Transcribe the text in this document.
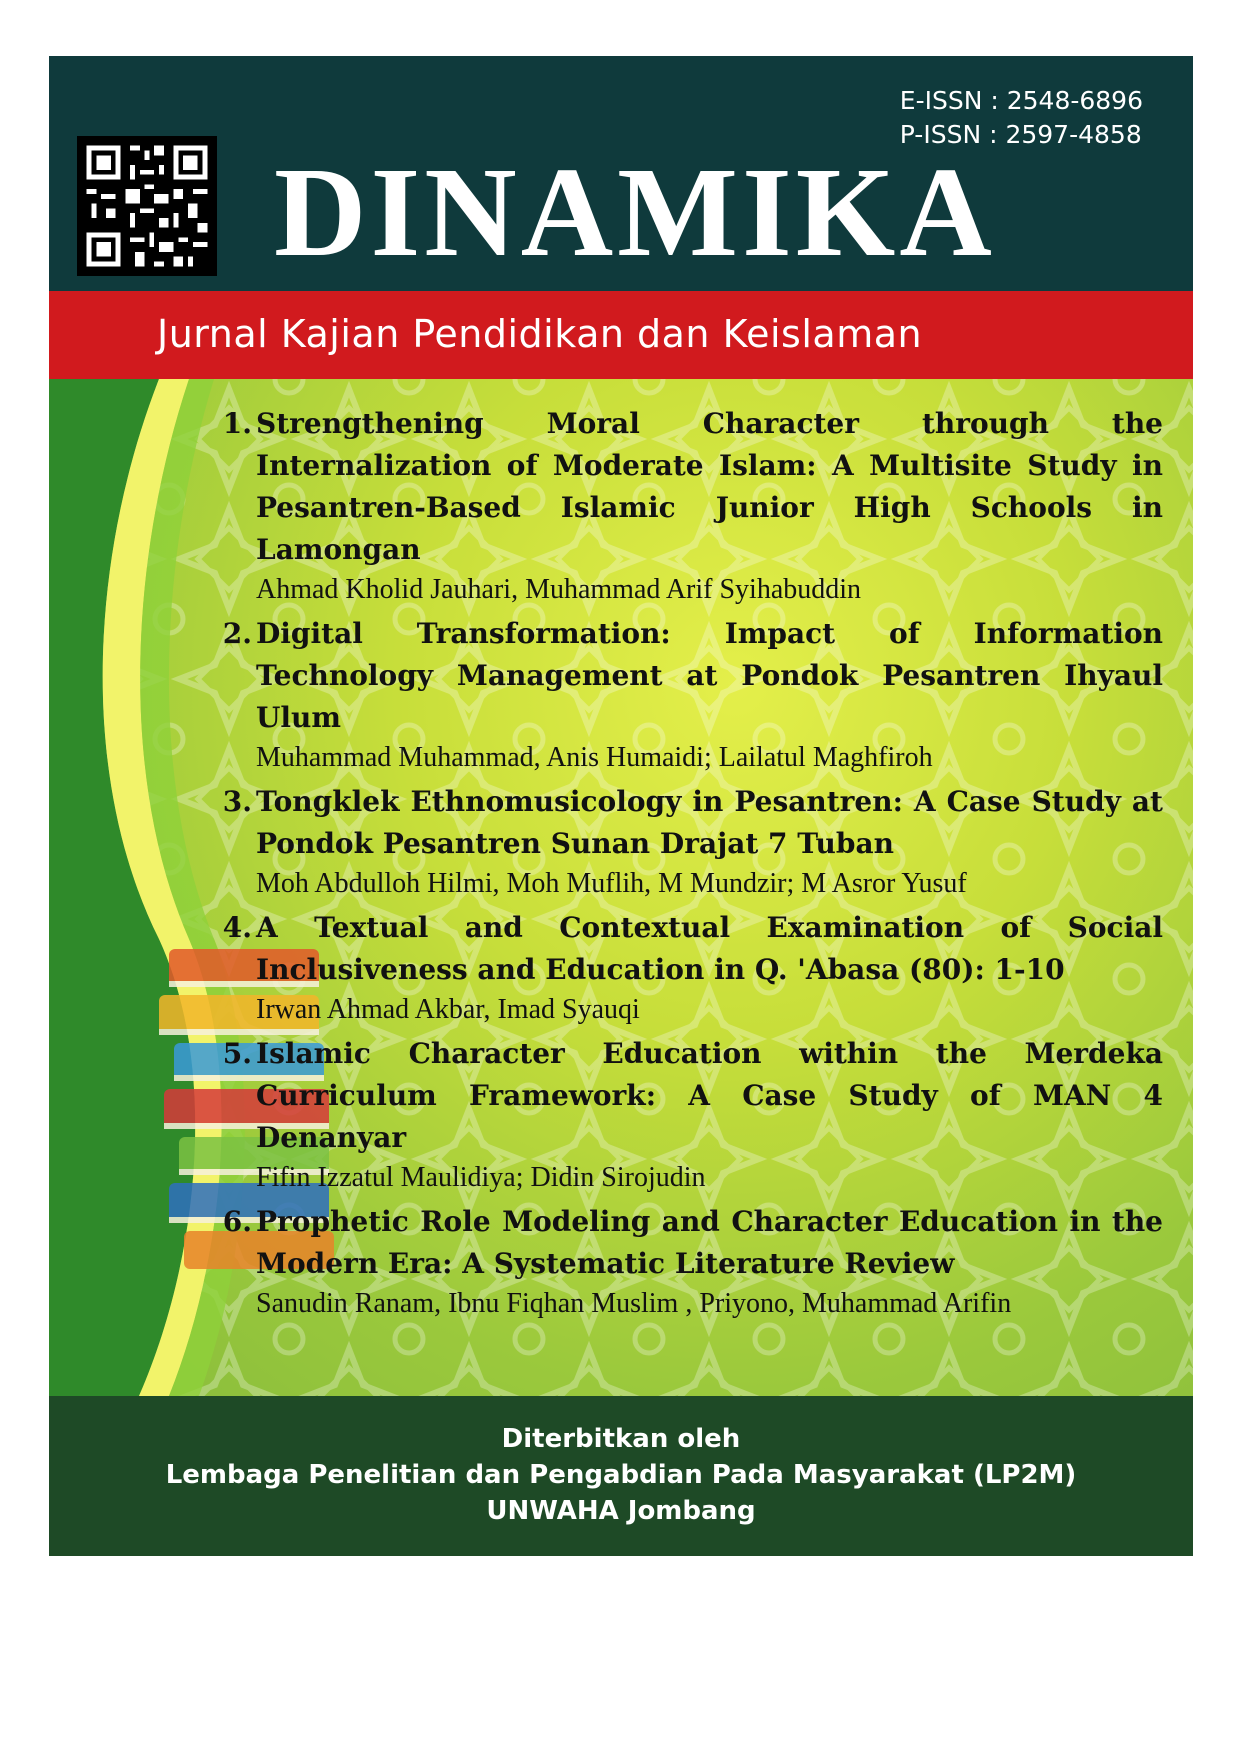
E-ISSN : 2548-6896
P-ISSN : 2597-4858
DINAMIKA
Jurnal Kajian Pendidikan dan Keislaman
1. Strengthening Moral Character through the Internalization of Moderate Islam: A Multisite Study in Pesantren-Based Islamic Junior High Schools in Lamongan
Ahmad Kholid Jauhari, Muhammad Arif Syihabuddin
2. Digital Transformation: Impact of Information Technology Management at Pondok Pesantren Ihyaul Ulum
Muhammad Muhammad, Anis Humaidi; Lailatul Maghfiroh
3. Tongklek Ethnomusicology in Pesantren: A Case Study at Pondok Pesantren Sunan Drajat 7 Tuban
Moh Abdulloh Hilmi, Moh Muflih, M Mundzir; M Asror Yusuf
4. A Textual and Contextual Examination of Social Inclusiveness and Education in Q. 'Abasa (80): 1-10
Irwan Ahmad Akbar, Imad Syauqi
5. Islamic Character Education within the Merdeka Curriculum Framework: A Case Study of MAN 4 Denanyar
Fifin Izzatul Maulidiya; Didin Sirojudin
6. Prophetic Role Modeling and Character Education in the Modern Era: A Systematic Literature Review
Sanudin Ranam, Ibnu Fiqhan Muslim , Priyono, Muhammad Arifin
Diterbitkan oleh
Lembaga Penelitian dan Pengabdian Pada Masyarakat (LP2M)
UNWAHA Jombang
